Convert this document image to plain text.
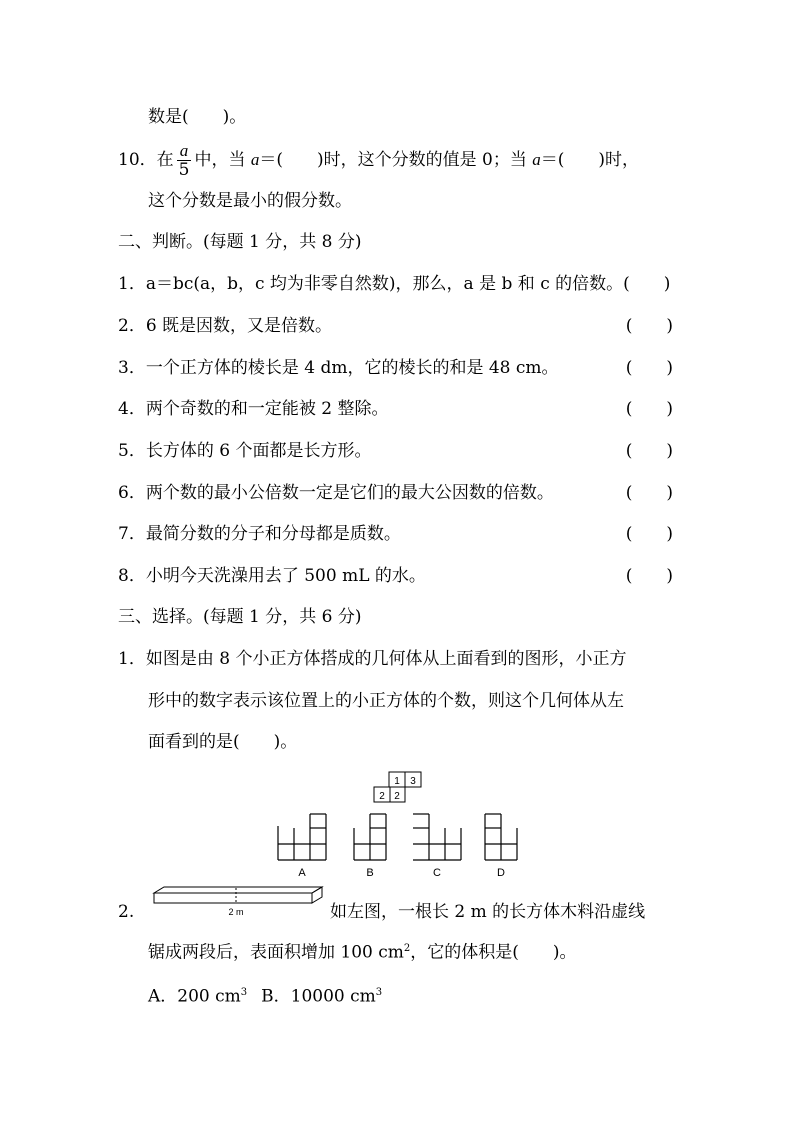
数是(　　)。
10．在 $\frac{a}{5}$ 中，当 a＝(　　)时，这个分数的值是 0；当 a＝(　　)时，
这个分数是最小的假分数。
二、判断。(每题 1 分，共 8 分)
1．a＝bc(a，b，c 均为非零自然数)，那么，a 是 b 和 c 的倍数。(　　)
2．6 既是因数，又是倍数。	(　　)
3．一个正方体的棱长是 4 dm，它的棱长的和是 48 cm。	(　　)
4．两个奇数的和一定能被 2 整除。	(　　)
5．长方体的 6 个面都是长方形。	(　　)
6．两个数的最小公倍数一定是它们的最大公因数的倍数。	(　　)
7．最简分数的分子和分母都是质数。	(　　)
8．小明今天洗澡用去了 500 mL 的水。	(　　)
三、选择。(每题 1 分，共 6 分)
1．如图是由 8 个小正方体搭成的几何体从上面看到的图形，小正方
形中的数字表示该位置上的小正方体的个数，则这个几何体从左
面看到的是(　　)。
1 3
2 2
A	B	C	D
2.	2 m	如左图，一根长 2 m 的长方体木料沿虚线
锯成两段后，表面积增加 100 $cm^2$，它的体积是(　　)。
A．200 $cm^3$ B．10000 $cm^3$
